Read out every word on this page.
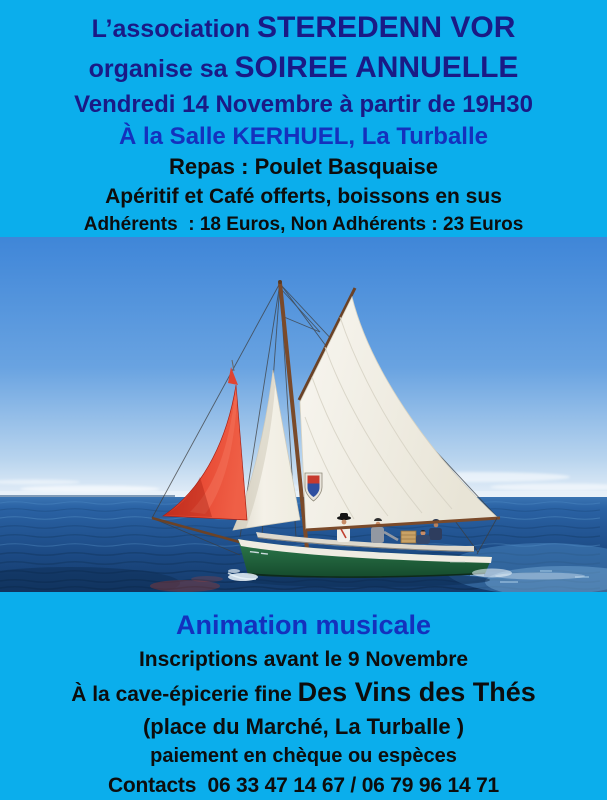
L’association STEREDENN VOR
organise sa SOIREE ANNUELLE
Vendredi 14 Novembre à partir de 19H30
À la Salle KERHUEL, La Turballe
Repas : Poulet Basquaise
Apéritif et Café offerts, boissons en sus
Adhérents  : 18 Euros, Non Adhérents : 23 Euros
Animation musicale
Inscriptions avant le 9 Novembre
À la cave-épicerie fine Des Vins des Thés
(place du Marché, La Turballe )
paiement en chèque ou espèces
Contacts  06 33 47 14 67 / 06 79 96 14 71
